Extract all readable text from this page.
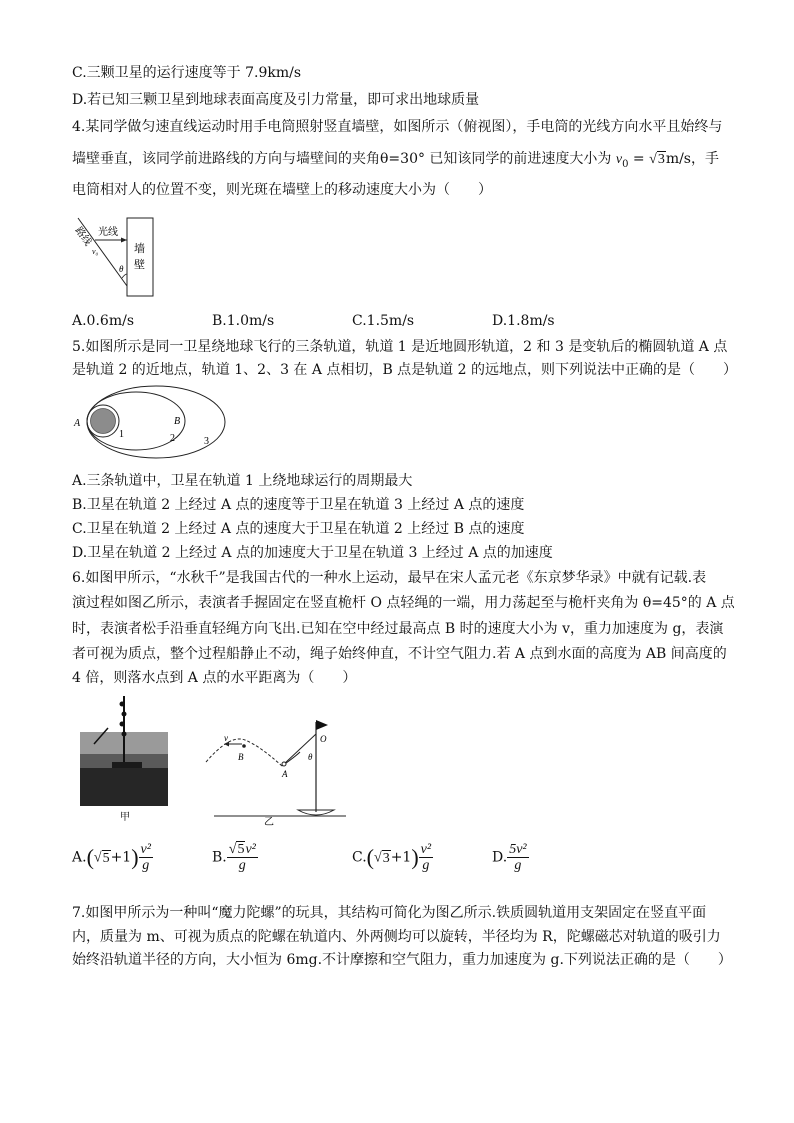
C.三颗卫星的运行速度等于 7.9km/s
D.若已知三颗卫星到地球表面高度及引力常量，即可求出地球质量
4.某同学做匀速直线运动时用手电筒照射竖直墙壁，如图所示（俯视图），手电筒的光线方向水平且始终与
墙壁垂直，该同学前进路线的方向与墙壁间的夹角θ=30° 已知该同学的前进速度大小为 $v_0 = √3m/s$，手
电筒相对人的位置不变，则光斑在墙壁上的移动速度大小为（　　）
墙
壁
光线
路线
v₀
θ
A.0.6m/s	B.1.0m/s	C.1.5m/s	D.1.8m/s
5.如图所示是同一卫星绕地球飞行的三条轨道，轨道 1 是近地圆形轨道，2 和 3 是变轨后的椭圆轨道 A 点
是轨道 2 的近地点，轨道 1、2、3 在 A 点相切，B 点是轨道 2 的远地点，则下列说法中正确的是（　　）
A	B
1	2	3
A.三条轨道中，卫星在轨道 1 上绕地球运行的周期最大
B.卫星在轨道 2 上经过 A 点的速度等于卫星在轨道 3 上经过 A 点的速度
C.卫星在轨道 2 上经过 A 点的速度大于卫星在轨道 2 上经过 B 点的速度
D.卫星在轨道 2 上经过 A 点的加速度大于卫星在轨道 3 上经过 A 点的加速度
6.如图甲所示，“水秋千”是我国古代的一种水上运动，最早在宋人孟元老《东京梦华录》中就有记载.表
演过程如图乙所示，表演者手握固定在竖直桅杆 O 点轻绳的一端，用力荡起至与桅杆夹角为 θ=45°的 A 点
时，表演者松手沿垂直轻绳方向飞出.已知在空中经过最高点 B 时的速度大小为 v，重力加速度为 g，表演
者可视为质点，整个过程船静止不动，绳子始终伸直，不计空气阻力.若 A 点到水面的高度为 AB 间高度的
4 倍，则落水点到 A 点的水平距离为（　　）
甲
v
B
A
O
θ
乙
$A.(√5+1) \frac{\text{v²}}{g}$	B. $\frac{\text{√5v²}}{g}$	$C.(√3+1) \frac{\text{v²}}{g}$	D. $\frac{\text{5v²}}{g}$
7.如图甲所示为一种叫“魔力陀螺”的玩具，其结构可简化为图乙所示.铁质圆轨道用支架固定在竖直平面
内，质量为 m、可视为质点的陀螺在轨道内、外两侧均可以旋转，半径均为 R，陀螺磁芯对轨道的吸引力
始终沿轨道半径的方向，大小恒为 6mg.不计摩擦和空气阻力，重力加速度为 g.下列说法正确的是（　　）
